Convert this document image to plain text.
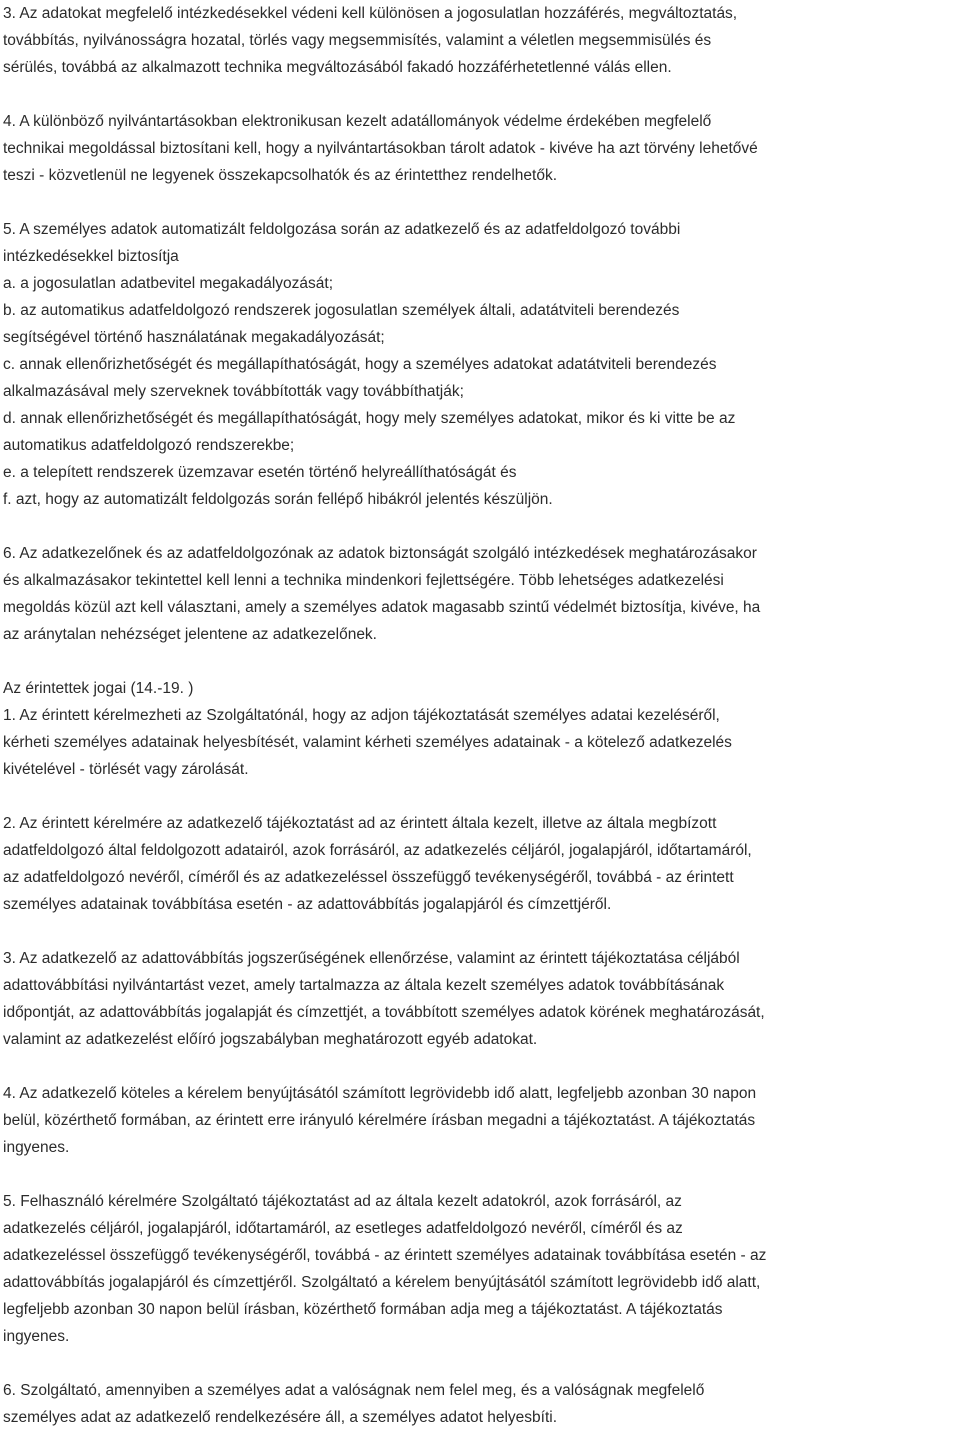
3. Az adatokat megfelelő intézkedésekkel védeni kell különösen a jogosulatlan hozzáférés, megváltoztatás,

továbbítás, nyilvánosságra hozatal, törlés vagy megsemmisítés, valamint a véletlen megsemmisülés és

sérülés, továbbá az alkalmazott technika megváltozásából fakadó hozzáférhetetlenné válás ellen.

4. A különböző nyilvántartásokban elektronikusan kezelt adatállományok védelme érdekében megfelelő

technikai megoldással biztosítani kell, hogy a nyilvántartásokban tárolt adatok - kivéve ha azt törvény lehetővé

teszi - közvetlenül ne legyenek összekapcsolhatók és az érintetthez rendelhetők.

5. A személyes adatok automatizált feldolgozása során az adatkezelő és az adatfeldolgozó további

intézkedésekkel biztosítja

a. a jogosulatlan adatbevitel megakadályozását;

b. az automatikus adatfeldolgozó rendszerek jogosulatlan személyek általi, adatátviteli berendezés

segítségével történő használatának megakadályozását;

c. annak ellenőrizhetőségét és megállapíthatóságát, hogy a személyes adatokat adatátviteli berendezés

alkalmazásával mely szerveknek továbbították vagy továbbíthatják;

d. annak ellenőrizhetőségét és megállapíthatóságát, hogy mely személyes adatokat, mikor és ki vitte be az

automatikus adatfeldolgozó rendszerekbe;

e. a telepített rendszerek üzemzavar esetén történő helyreállíthatóságát és

f. azt, hogy az automatizált feldolgozás során fellépő hibákról jelentés készüljön.

6. Az adatkezelőnek és az adatfeldolgozónak az adatok biztonságát szolgáló intézkedések meghatározásakor

és alkalmazásakor tekintettel kell lenni a technika mindenkori fejlettségére. Több lehetséges adatkezelési

megoldás közül azt kell választani, amely a személyes adatok magasabb szintű védelmét biztosítja, kivéve, ha

az aránytalan nehézséget jelentene az adatkezelőnek.

Az érintettek jogai (14.-19. )

1. Az érintett kérelmezheti az Szolgáltatónál, hogy az adjon tájékoztatását személyes adatai kezeléséről,

kérheti személyes adatainak helyesbítését, valamint kérheti személyes adatainak - a kötelező adatkezelés

kivételével - törlését vagy zárolását.

2. Az érintett kérelmére az adatkezelő tájékoztatást ad az érintett általa kezelt, illetve az általa megbízott

adatfeldolgozó által feldolgozott adatairól, azok forrásáról, az adatkezelés céljáról, jogalapjáról, időtartamáról,

az adatfeldolgozó nevéről, címéről és az adatkezeléssel összefüggő tevékenységéről, továbbá - az érintett

személyes adatainak továbbítása esetén - az adattovábbítás jogalapjáról és címzettjéről.

3. Az adatkezelő az adattovábbítás jogszerűségének ellenőrzése, valamint az érintett tájékoztatása céljából

adattovábbítási nyilvántartást vezet, amely tartalmazza az általa kezelt személyes adatok továbbításának

időpontját, az adattovábbítás jogalapját és címzettjét, a továbbított személyes adatok körének meghatározását,

valamint az adatkezelést előíró jogszabályban meghatározott egyéb adatokat.

4. Az adatkezelő köteles a kérelem benyújtásától számított legrövidebb idő alatt, legfeljebb azonban 30 napon

belül, közérthető formában, az érintett erre irányuló kérelmére írásban megadni a tájékoztatást. A tájékoztatás

ingyenes.

5. Felhasználó kérelmére Szolgáltató tájékoztatást ad az általa kezelt adatokról, azok forrásáról, az

adatkezelés céljáról, jogalapjáról, időtartamáról, az esetleges adatfeldolgozó nevéről, címéről és az

adatkezeléssel összefüggő tevékenységéről, továbbá - az érintett személyes adatainak továbbítása esetén - az

adattovábbítás jogalapjáról és címzettjéről. Szolgáltató a kérelem benyújtásától számított legrövidebb idő alatt,

legfeljebb azonban 30 napon belül írásban, közérthető formában adja meg a tájékoztatást. A tájékoztatás

ingyenes.

6. Szolgáltató, amennyiben a személyes adat a valóságnak nem felel meg, és a valóságnak megfelelő

személyes adat az adatkezelő rendelkezésére áll, a személyes adatot helyesbíti.
